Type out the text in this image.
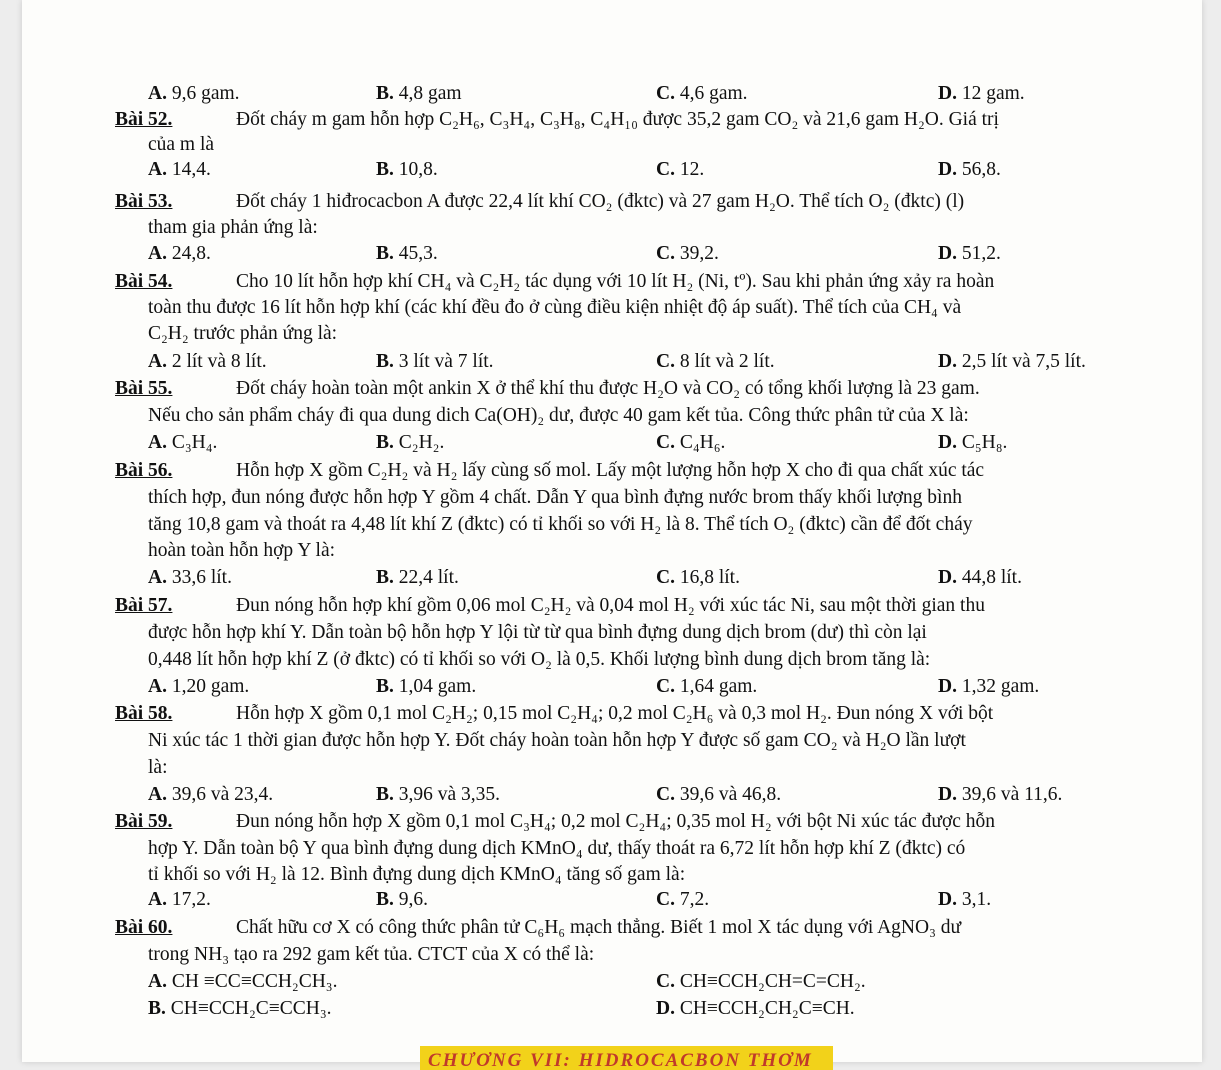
A. 9,6 gam.	B. 4,8 gam	C. 4,6 gam.	D. 12 gam.
Bài 52.	Đốt cháy m gam hỗn hợp C₂H₆, C₃H₄, C₃H₈, C₄H₁₀ được 35,2 gam CO₂ và 21,6 gam H₂O. Giá trị
của m là
A. 14,4.	B. 10,8.	C. 12.	D. 56,8.
Bài 53.	Đốt cháy 1 hiđrocacbon A được 22,4 lít khí CO₂ (đktc) và 27 gam H₂O. Thể tích O₂ (đktc) (l)
tham gia phản ứng là:
A. 24,8.	B. 45,3.	C. 39,2.	D. 51,2.
Bài 54.	Cho 10 lít hỗn hợp khí CH₄ và C₂H₂ tác dụng với 10 lít H₂ (Ni, tº). Sau khi phản ứng xảy ra hoàn
toàn thu được 16 lít hỗn hợp khí (các khí đều đo ở cùng điều kiện nhiệt độ áp suất). Thể tích của CH₄ và
C₂H₂ trước phản ứng là:
A. 2 lít và 8 lít.	B. 3 lít và 7 lít.	C. 8 lít và 2 lít.	D. 2,5 lít và 7,5 lít.
Bài 55.	Đốt cháy hoàn toàn một ankin X ở thể khí thu được H₂O và CO₂ có tổng khối lượng là 23 gam.
Nếu cho sản phẩm cháy đi qua dung dich Ca(OH)₂ dư, được 40 gam kết tủa. Công thức phân tử của X là:
A. C₃H₄.	B. C₂H₂.	C. C₄H₆.	D. C₅H₈.
Bài 56.	Hỗn hợp X gồm C₂H₂ và H₂ lấy cùng số mol. Lấy một lượng hỗn hợp X cho đi qua chất xúc tác
thích hợp, đun nóng được hỗn hợp Y gồm 4 chất. Dẫn Y qua bình đựng nước brom thấy khối lượng bình
tăng 10,8 gam và thoát ra 4,48 lít khí Z (đktc) có tỉ khối so với H₂ là 8. Thể tích O₂ (đktc) cần để đốt cháy
hoàn toàn hỗn hợp Y là:
A. 33,6 lít.	B. 22,4 lít.	C. 16,8 lít.	D. 44,8 lít.
Bài 57.	Đun nóng hỗn hợp khí gồm 0,06 mol C₂H₂ và 0,04 mol H₂ với xúc tác Ni, sau một thời gian thu
được hỗn hợp khí Y. Dẫn toàn bộ hỗn hợp Y lội từ từ qua bình đựng dung dịch brom (dư) thì còn lại
0,448 lít hỗn hợp khí Z (ở đktc) có tỉ khối so với O₂ là 0,5. Khối lượng bình dung dịch brom tăng là:
A. 1,20 gam.	B. 1,04 gam.	C. 1,64 gam.	D. 1,32 gam.
Bài 58.	Hỗn hợp X gồm 0,1 mol C₂H₂; 0,15 mol C₂H₄; 0,2 mol C₂H₆ và 0,3 mol H₂. Đun nóng X với bột
Ni xúc tác 1 thời gian được hỗn hợp Y. Đốt cháy hoàn toàn hỗn hợp Y được số gam CO₂ và H₂O lần lượt
là:
A. 39,6 và 23,4.	B. 3,96 và 3,35.	C. 39,6 và 46,8.	D. 39,6 và 11,6.
Bài 59.	Đun nóng hỗn hợp X gồm 0,1 mol C₃H₄; 0,2 mol C₂H₄; 0,35 mol H₂ với bột Ni xúc tác được hỗn
hợp Y. Dẫn toàn bộ Y qua bình đựng dung dịch KMnO₄ dư, thấy thoát ra 6,72 lít hỗn hợp khí Z (đktc) có
tỉ khối so với H₂ là 12. Bình đựng dung dịch KMnO₄ tăng số gam là:
A. 17,2.	B. 9,6.	C. 7,2.	D. 3,1.
Bài 60.	Chất hữu cơ X có công thức phân tử C₆H₆ mạch thẳng. Biết 1 mol X tác dụng với AgNO₃ dư
trong NH₃ tạo ra 292 gam kết tủa. CTCT của X có thể là:
A. CH ≡CC≡CCH₂CH₃.	C. CH≡CCH₂CH=C=CH₂.
B. CH≡CCH₂C≡CCH₃.	D. CH≡CCH₂CH₂C≡CH.
CHƯƠNG VII: HIDROCACBON THƠM
